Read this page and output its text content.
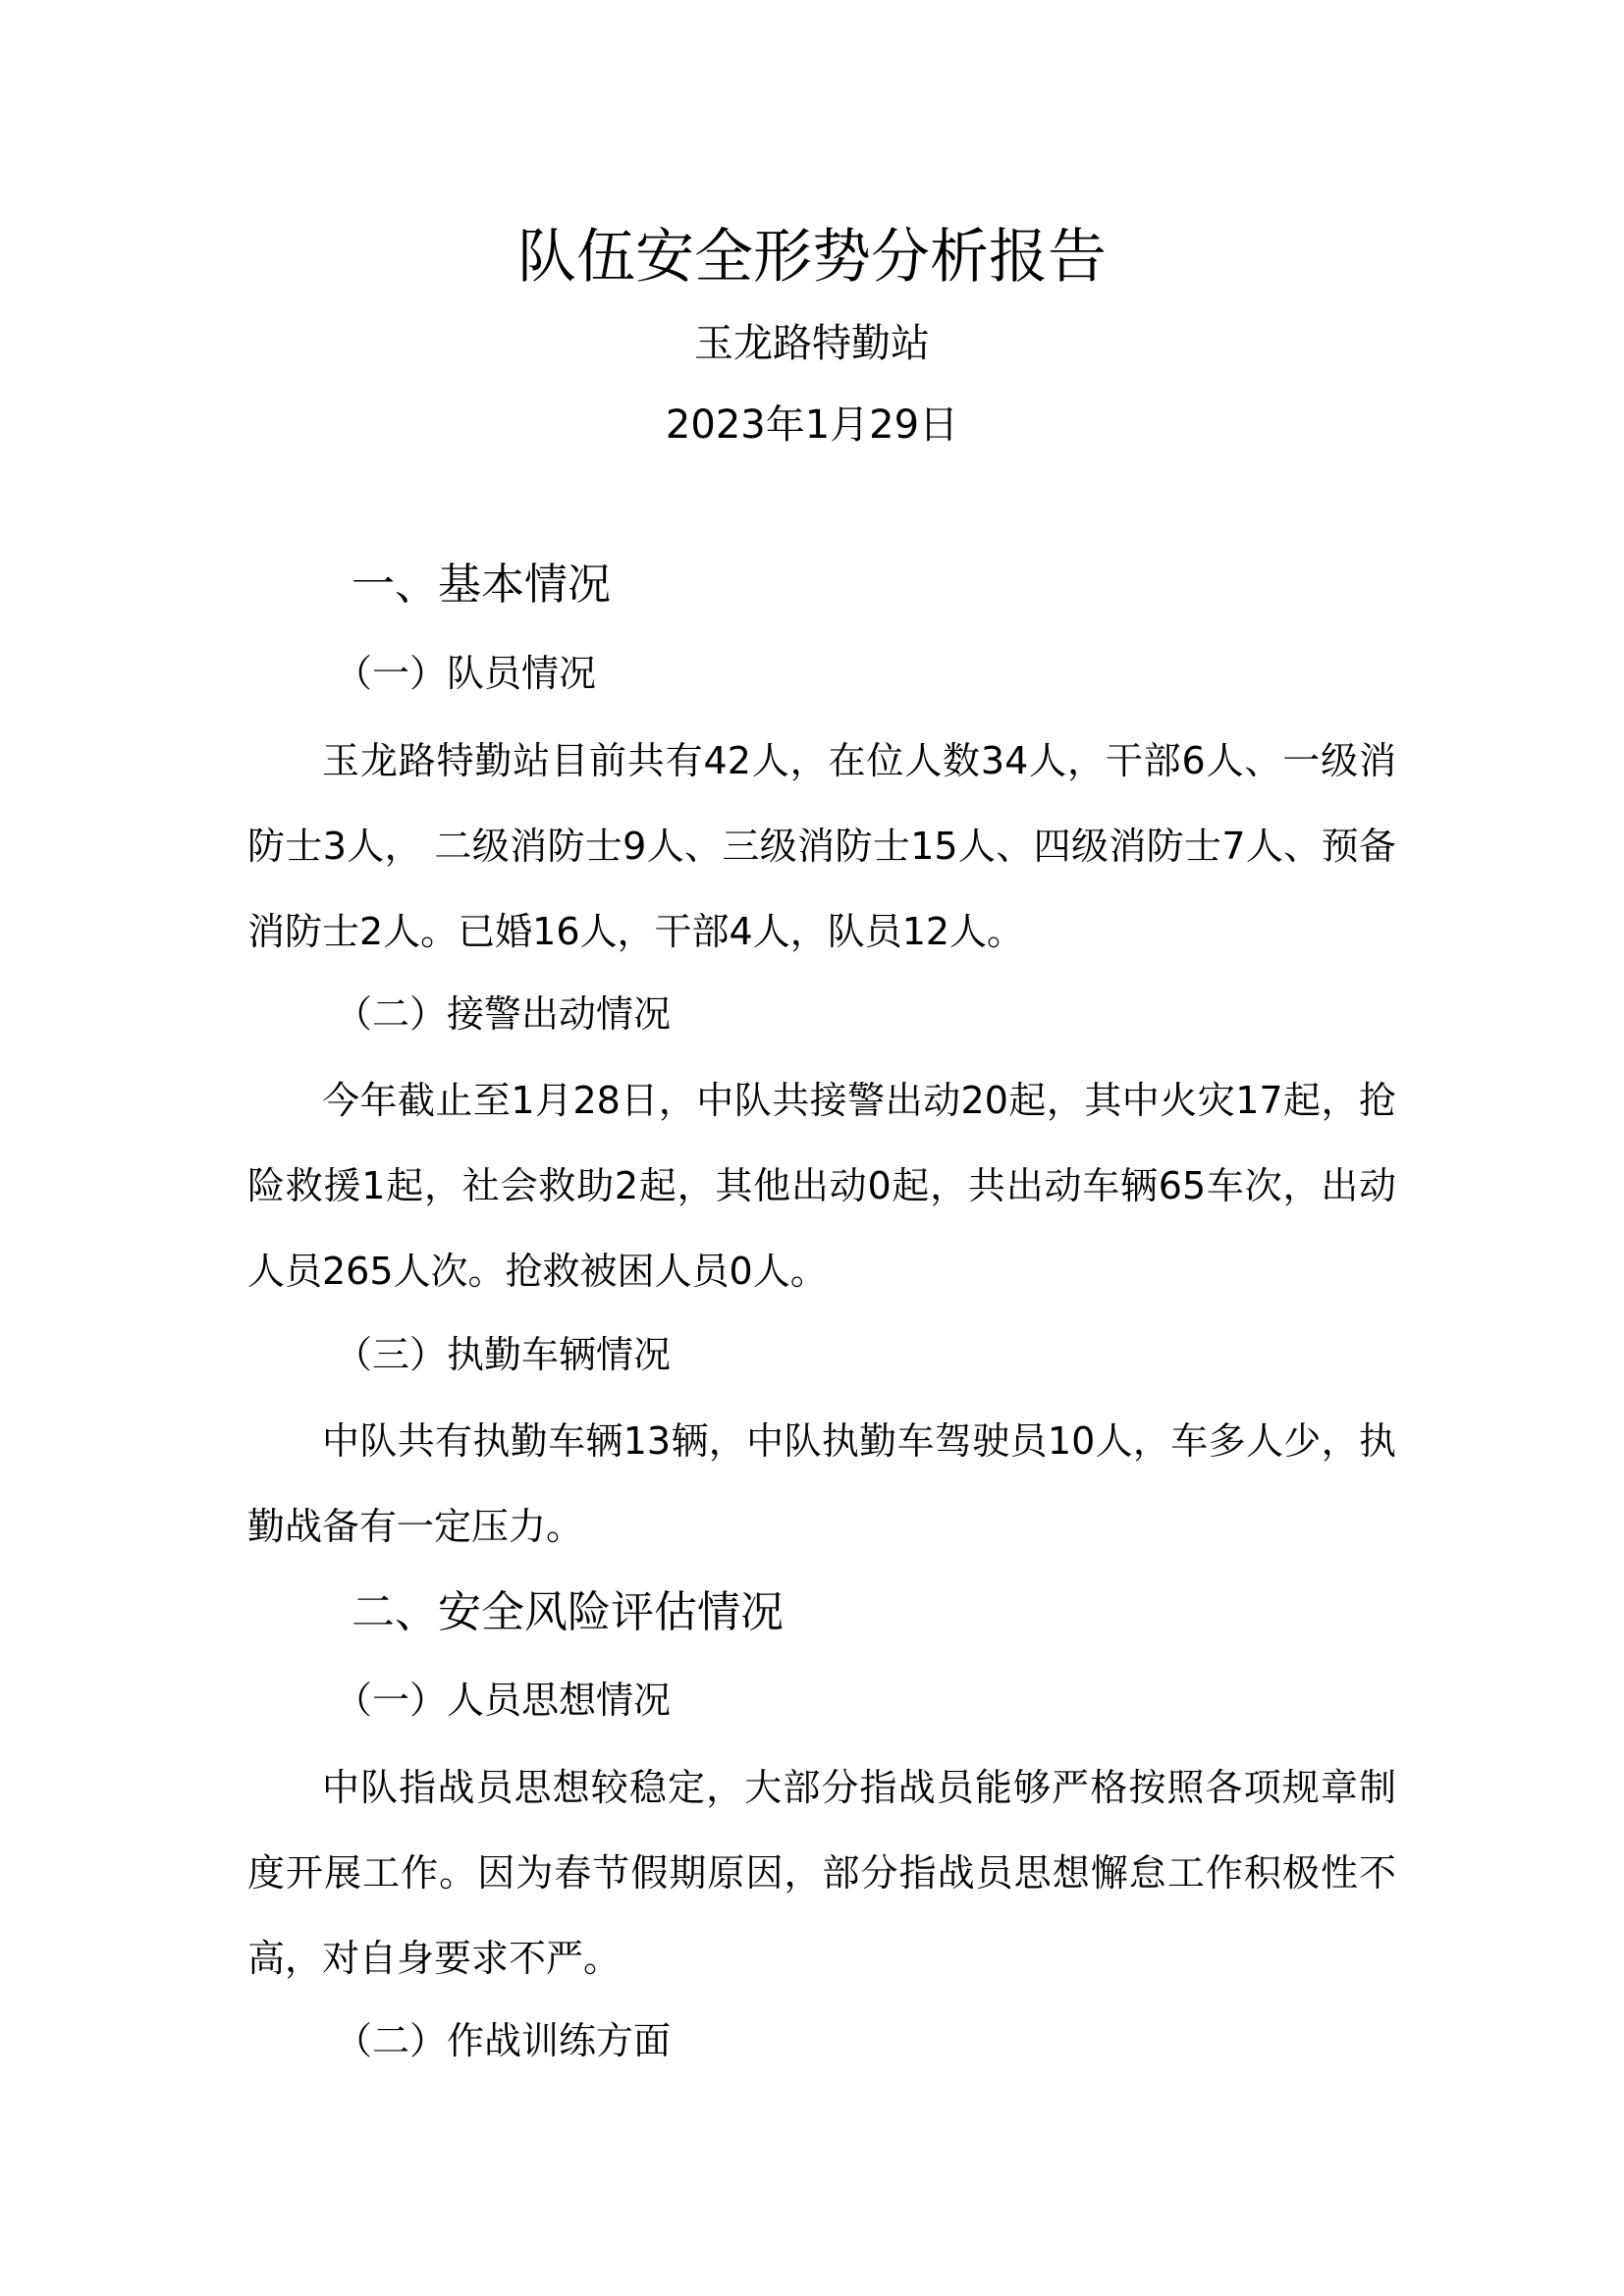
队伍安全形势分析报告
玉龙路特勤站
2023年1月29日
一、基本情况
（一）队员情况

玉龙路特勤站目前共有42人，在位人数34人，干部6人、一级消防士3人， 二级消防士9人、三级消防士15人、四级消防士7人、预备消防士2人。已婚16人，干部4人，队员12人。

（二）接警出动情况

今年截止至1月28日，中队共接警出动20起，其中火灾17起，抢险救援1起，社会救助2起，其他出动0起，共出动车辆65车次，出动人员265人次。抢救被困人员0人。

（三）执勤车辆情况

中队共有执勤车辆13辆，中队执勤车驾驶员10人，车多人少，执勤战备有一定压力。

二、安全风险评估情况
（一）人员思想情况

中队指战员思想较稳定，大部分指战员能够严格按照各项规章制度开展工作。因为春节假期原因，部分指战员思想懈怠工作积极性不高，对自身要求不严。

（二）作战训练方面
